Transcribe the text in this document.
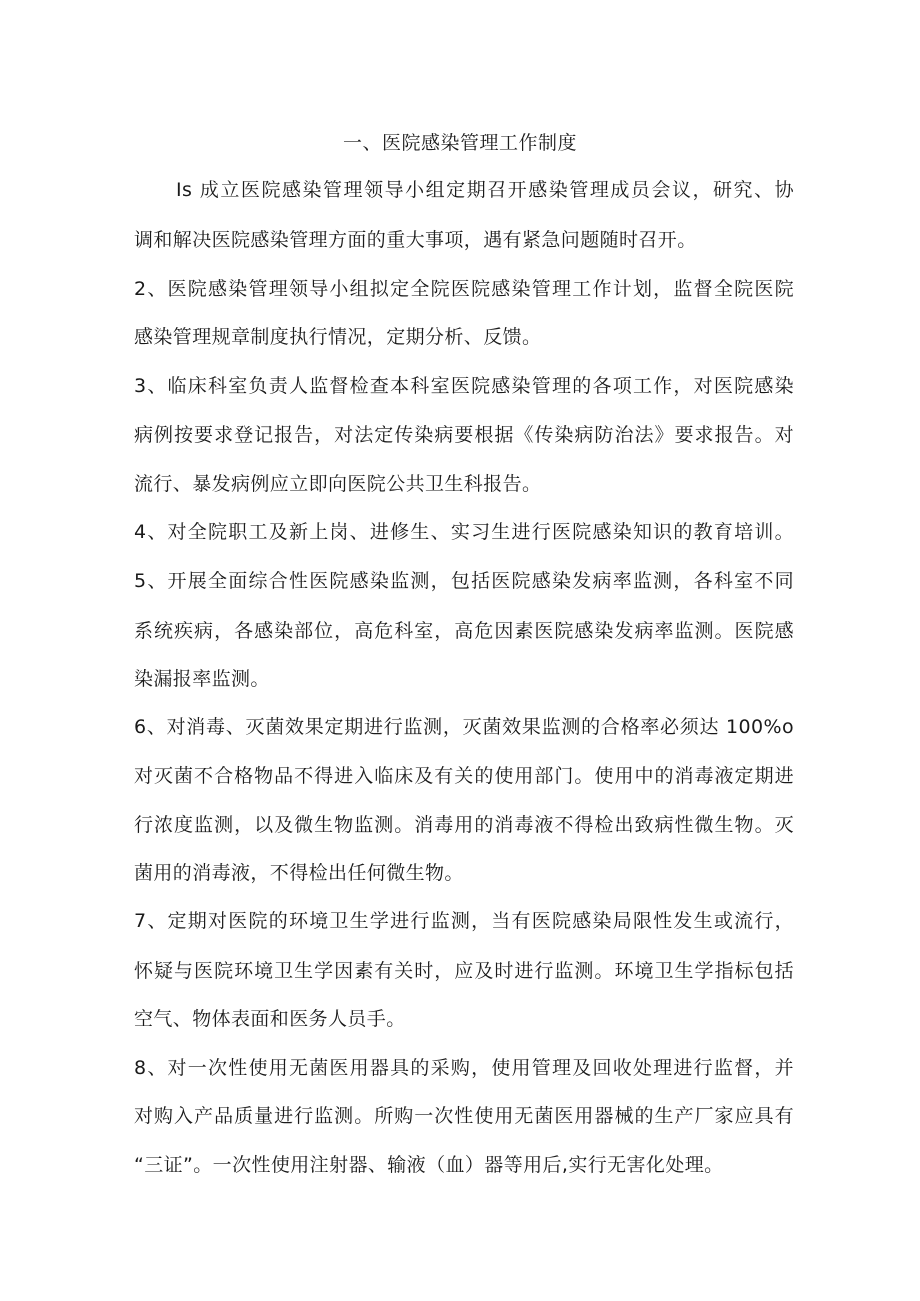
一、医院感染管理工作制度
Is 成立医院感染管理领导小组定期召开感染管理成员会议，研究、协
调和解决医院感染管理方面的重大事项，遇有紧急问题随时召开。
2、医院感染管理领导小组拟定全院医院感染管理工作计划，监督全院医院
感染管理规章制度执行情况，定期分析、反馈。
3、临床科室负责人监督检查本科室医院感染管理的各项工作，对医院感染
病例按要求登记报告，对法定传染病要根据《传染病防治法》要求报告。对
流行、暴发病例应立即向医院公共卫生科报告。
4、对全院职工及新上岗、进修生、实习生进行医院感染知识的教育培训。
5、开展全面综合性医院感染监测，包括医院感染发病率监测，各科室不同
系统疾病，各感染部位，高危科室，高危因素医院感染发病率监测。医院感
染漏报率监测。
6、对消毒、灭菌效果定期进行监测，灭菌效果监测的合格率必须达 100%o
对灭菌不合格物品不得进入临床及有关的使用部门。使用中的消毒液定期进
行浓度监测，以及微生物监测。消毒用的消毒液不得检出致病性微生物。灭
菌用的消毒液，不得检出任何微生物。
7、定期对医院的环境卫生学进行监测，当有医院感染局限性发生或流行，
怀疑与医院环境卫生学因素有关时，应及时进行监测。环境卫生学指标包括
空气、物体表面和医务人员手。
8、对一次性使用无菌医用器具的采购，使用管理及回收处理进行监督，并
对购入产品质量进行监测。所购一次性使用无菌医用器械的生产厂家应具有
“三证”。一次性使用注射器、输液（血）器等用后,实行无害化处理。
